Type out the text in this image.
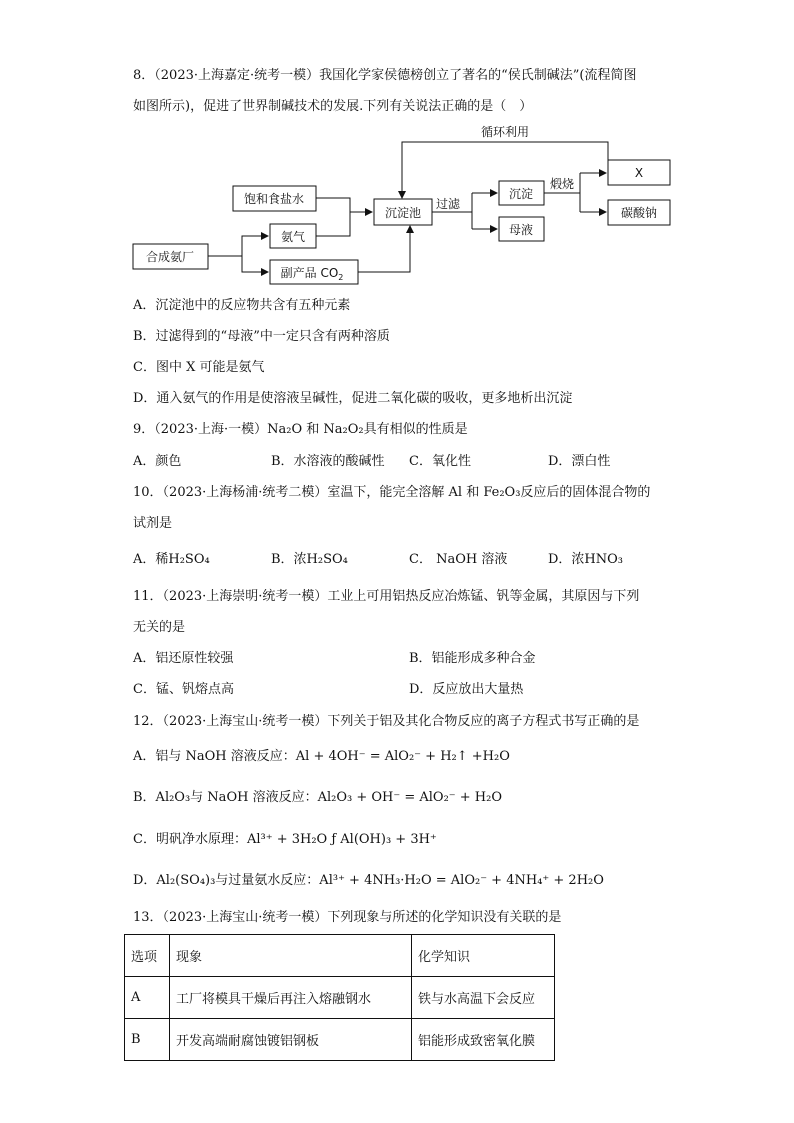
8．（2023·上海嘉定·统考一模）我国化学家侯德榜创立了著名的“侯氏制碱法”(流程简图
如图所示)，促进了世界制碱技术的发展.下列有关说法正确的是（　）
循环利用
过滤
煅烧
饱和食盐水
合成氨厂
氨气
副产品 $CO_2$
沉淀池
沉淀
母液
X
碳酸钠
A．沉淀池中的反应物共含有五种元素
B．过滤得到的“母液”中一定只含有两种溶质
C．图中 X 可能是氨气
D．通入氨气的作用是使溶液呈碱性，促进二氧化碳的吸收，更多地析出沉淀
9．（2023·上海·一模）Na₂O 和 Na₂O₂具有相似的性质是
A．颜色	B．水溶液的酸碱性 C．氧化性	D．漂白性
10．（2023·上海杨浦·统考二模）室温下，能完全溶解 Al 和 Fe₂O₃反应后的固体混合物的
试剂是
A．稀H₂SO₄	B．浓H₂SO₄	C． NaOH 溶液	D．浓HNO₃
11．（2023·上海崇明·统考一模）工业上可用铝热反应冶炼锰、钒等金属，其原因与下列
无关的是
A．铝还原性较强	B．铝能形成多种合金
C．锰、钒熔点高	D．反应放出大量热
12．（2023·上海宝山·统考一模）下列关于铝及其化合物反应的离子方程式书写正确的是
A．铝与 NaOH 溶液反应：Al + 4OH⁻ = AlO₂⁻ + H₂↑ +H₂O
B．Al₂O₃与 NaOH 溶液反应：Al₂O₃ + OH⁻ = AlO₂⁻ + H₂O
C．明矾净水原理：Al³⁺ + 3H₂O ƒ Al(OH)₃ + 3H⁺
D．Al₂(SO₄)₃与过量氨水反应：Al³⁺ + 4NH₃·H₂O = AlO₂⁻ + 4NH₄⁺ + 2H₂O
13．（2023·上海宝山·统考一模）下列现象与所述的化学知识没有关联的是
选项	现象	化学知识
A	工厂将模具干燥后再注入熔融钢水	铁与水高温下会反应
B	开发高端耐腐蚀镀铝钢板	铝能形成致密氧化膜
